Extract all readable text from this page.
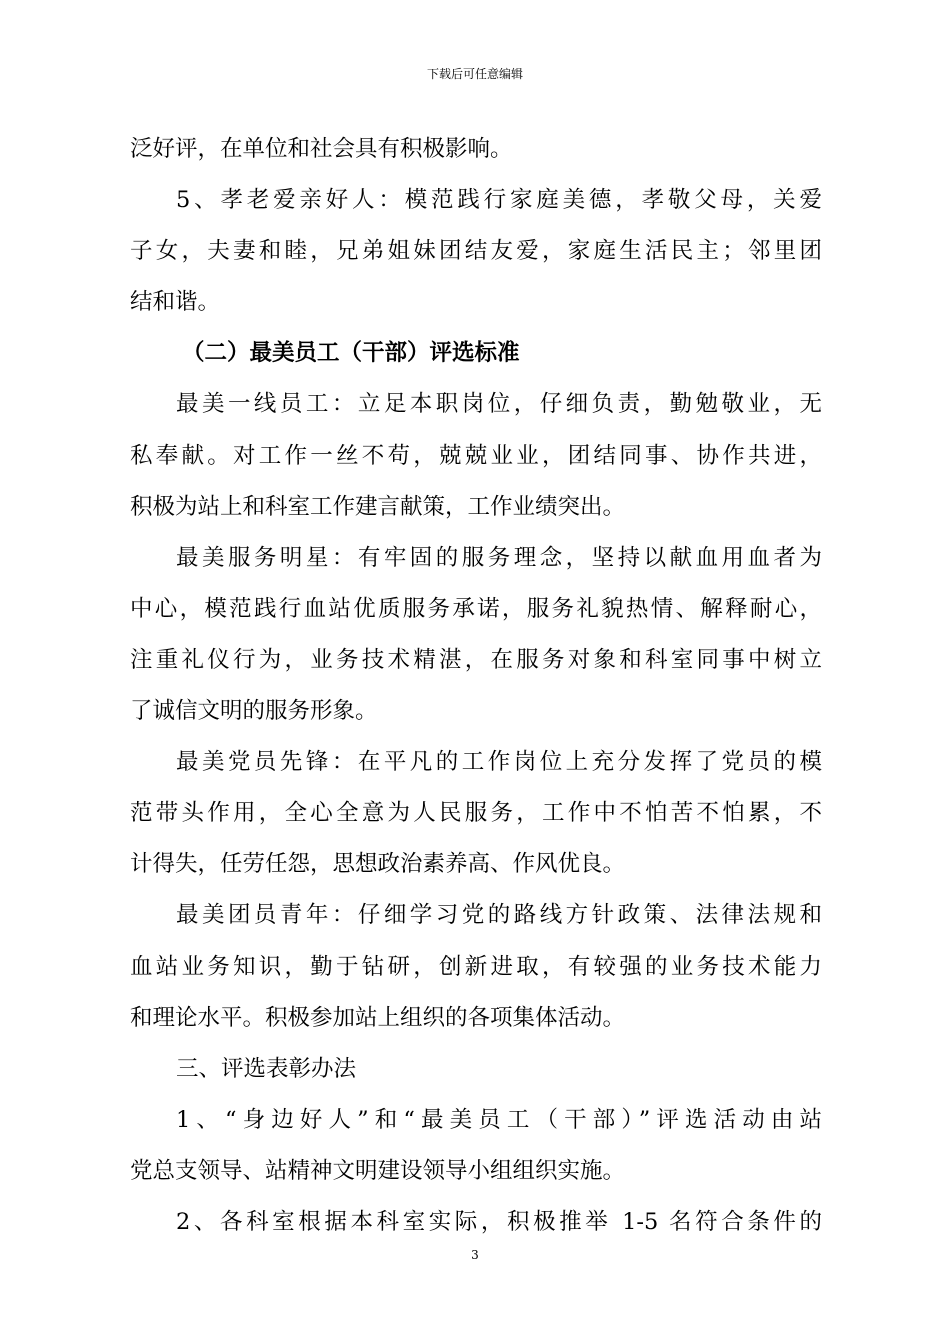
下载后可任意编辑
泛好评，在单位和社会具有积极影响。
5、孝老爱亲好人：模范践行家庭美德，孝敬父母，关爱
子女，夫妻和睦，兄弟姐妹团结友爱，家庭生活民主；邻里团
结和谐。
（二）最美员工（干部）评选标准
最美一线员工：立足本职岗位，仔细负责，勤勉敬业，无
私奉献。对工作一丝不苟，兢兢业业，团结同事、协作共进，
积极为站上和科室工作建言献策，工作业绩突出。
最美服务明星：有牢固的服务理念，坚持以献血用血者为
中心，模范践行血站优质服务承诺，服务礼貌热情、解释耐心，
注重礼仪行为，业务技术精湛，在服务对象和科室同事中树立
了诚信文明的服务形象。
最美党员先锋：在平凡的工作岗位上充分发挥了党员的模
范带头作用，全心全意为人民服务，工作中不怕苦不怕累，不
计得失，任劳任怨，思想政治素养高、作风优良。
最美团员青年：仔细学习党的路线方针政策、法律法规和
血站业务知识，勤于钻研，创新进取，有较强的业务技术能力
和理论水平。积极参加站上组织的各项集体活动。
三、评选表彰办法
1、“身边好人”和“最美员工（干部）”评选活动由站
党总支领导、站精神文明建设领导小组组织实施。
2、各科室根据本科室实际，积极推举 1-5 名符合条件的
3
